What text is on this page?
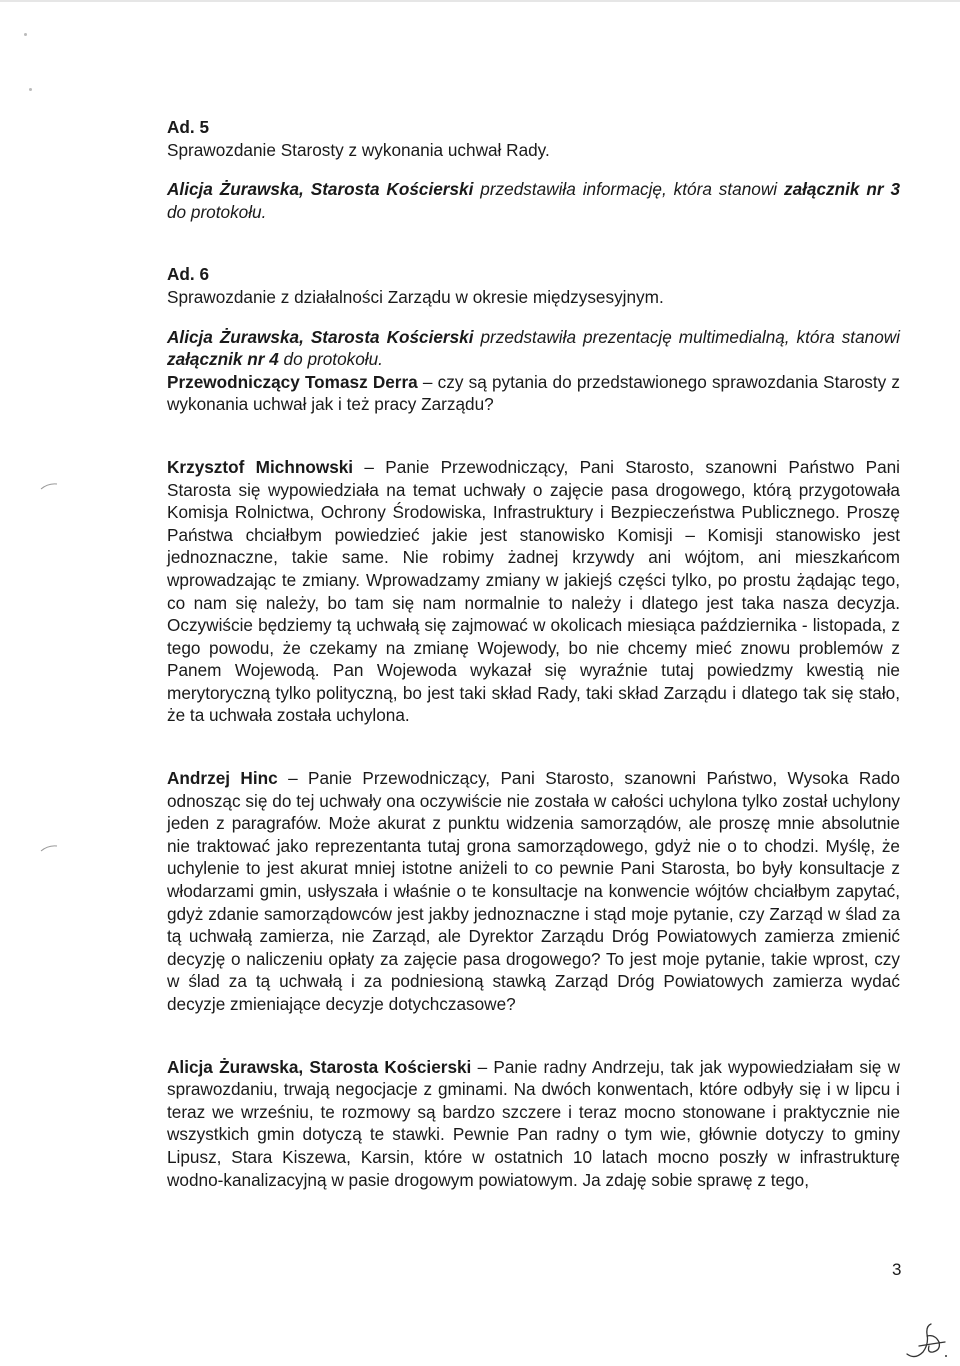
Ad. 5
Sprawozdanie Starosty z wykonania uchwał Rady.

Alicja Żurawska, Starosta Kościerski przedstawiła informację, która stanowi załącznik nr 3 do protokołu.

Ad. 6
Sprawozdanie z działalności Zarządu w okresie międzysesyjnym.

Alicja Żurawska, Starosta Kościerski przedstawiła prezentację multimedialną, która stanowi załącznik nr 4 do protokołu.

Przewodniczący Tomasz Derra – czy są pytania do przedstawionego sprawozdania Starosty z wykonania uchwał jak i też pracy Zarządu?

Krzysztof Michnowski – Panie Przewodniczący, Pani Starosto, szanowni Państwo Pani Starosta się wypowiedziała na temat uchwały o zajęcie pasa drogowego, którą przygotowała Komisja Rolnictwa, Ochrony Środowiska, Infrastruktury i Bezpieczeństwa Publicznego. Proszę Państwa chciałbym powiedzieć jakie jest stanowisko Komisji – Komisji stanowisko jest jednoznaczne, takie same. Nie robimy żadnej krzywdy ani wójtom, ani mieszkańcom wprowadzając te zmiany. Wprowadzamy zmiany w jakiejś części tylko, po prostu żądając tego, co nam się należy, bo tam się nam normalnie to należy i dlatego jest taka nasza decyzja. Oczywiście będziemy tą uchwałą się zajmować w okolicach miesiąca października - listopada, z tego powodu, że czekamy na zmianę Wojewody, bo nie chcemy mieć znowu problemów z Panem Wojewodą. Pan Wojewoda wykazał się wyraźnie tutaj powiedzmy kwestią nie merytoryczną tylko polityczną, bo jest taki skład Rady, taki skład Zarządu i dlatego tak się stało, że ta uchwała została uchylona.

Andrzej Hinc – Panie Przewodniczący, Pani Starosto, szanowni Państwo, Wysoka Rado odnosząc się do tej uchwały ona oczywiście nie została w całości uchylona tylko został uchylony jeden z paragrafów. Może akurat z punktu widzenia samorządów, ale proszę mnie absolutnie nie traktować jako reprezentanta tutaj grona samorządowego, gdyż nie o to chodzi. Myślę, że uchylenie to jest akurat mniej istotne aniżeli to co pewnie Pani Starosta, bo były konsultacje z włodarzami gmin, usłyszała i właśnie o te konsultacje na konwencie wójtów chciałbym zapytać, gdyż zdanie samorządowców jest jakby jednoznaczne i stąd moje pytanie, czy Zarząd w ślad za tą uchwałą zamierza, nie Zarząd, ale Dyrektor Zarządu Dróg Powiatowych zamierza zmienić decyzję o naliczeniu opłaty za zajęcie pasa drogowego? To jest moje pytanie, takie wprost, czy w ślad za tą uchwałą i za podniesioną stawką Zarząd Dróg Powiatowych zamierza wydać decyzje zmieniające decyzje dotychczasowe?

Alicja Żurawska, Starosta Kościerski – Panie radny Andrzeju, tak jak wypowiedziałam się w sprawozdaniu, trwają negocjacje z gminami. Na dwóch konwentach, które odbyły się i w lipcu i teraz we wrześniu, te rozmowy są bardzo szczere i teraz mocno stonowane i praktycznie nie wszystkich gmin dotyczą te stawki. Pewnie Pan radny o tym wie, głównie dotyczy to gminy Lipusz, Stara Kiszewa, Karsin, które w ostatnich 10 latach mocno poszły w infrastrukturę wodno-kanalizacyjną w pasie drogowym powiatowym. Ja zdaję sobie sprawę z tego,

3
